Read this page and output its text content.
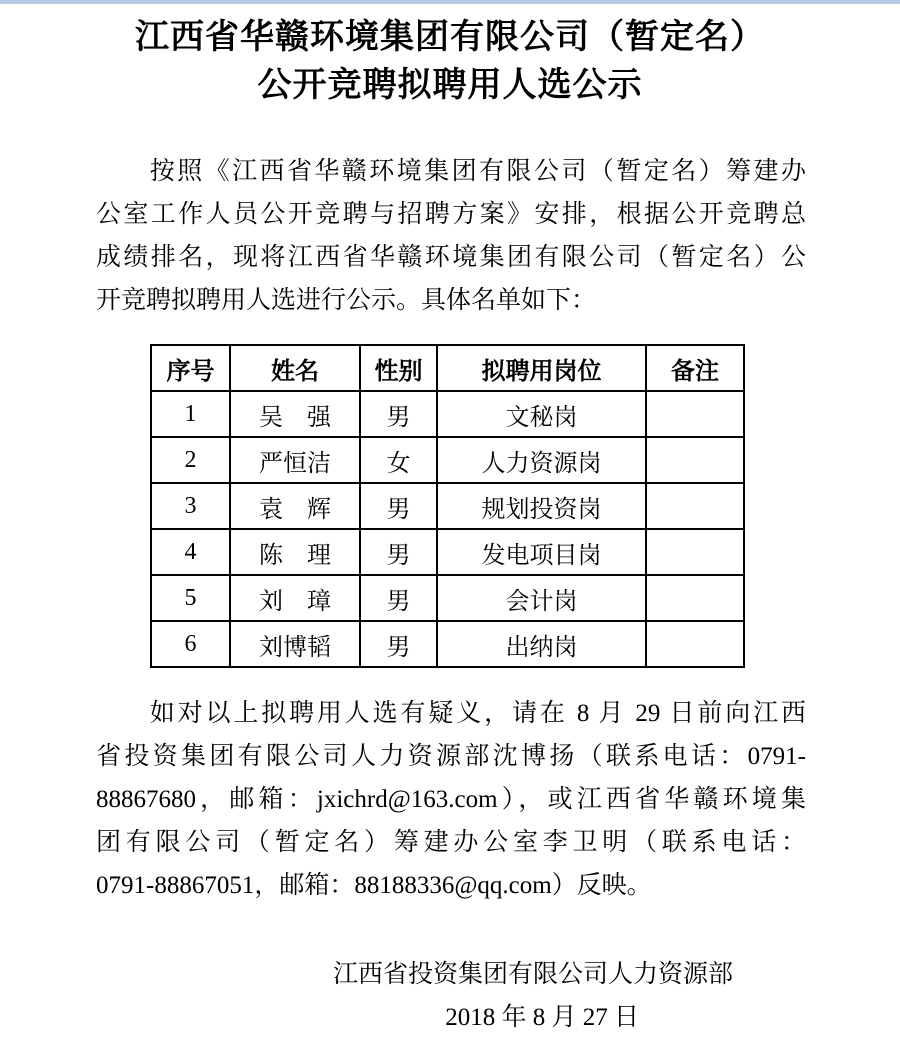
江西省华赣环境集团有限公司（暂定名）
公开竞聘拟聘用人选公示

按照《江西省华赣环境集团有限公司（暂定名）筹建办
公室工作人员公开竞聘与招聘方案》安排，根据公开竞聘总
成绩排名，现将江西省华赣环境集团有限公司（暂定名）公
开竞聘拟聘用人选进行公示。具体名单如下：

序号	姓名	性别	拟聘用岗位	备注
1	吴　强	男	文秘岗	
2	严恒洁	女	人力资源岗	
3	袁　辉	男	规划投资岗	
4	陈　理	男	发电项目岗	
5	刘　璋	男	会计岗	
6	刘博韬	男	出纳岗	

如对以上拟聘用人选有疑义，请在 8 月 29 日前向江西
省投资集团有限公司人力资源部沈博扬（联系电话：0791-
88867680，邮箱：jxichrd@163.com），或江西省华赣环境集
团有限公司（暂定名）筹建办公室李卫明（联系电话：
0791-88867051，邮箱：88188336@qq.com）反映。

江西省投资集团有限公司人力资源部
2018 年 8 月 27 日
